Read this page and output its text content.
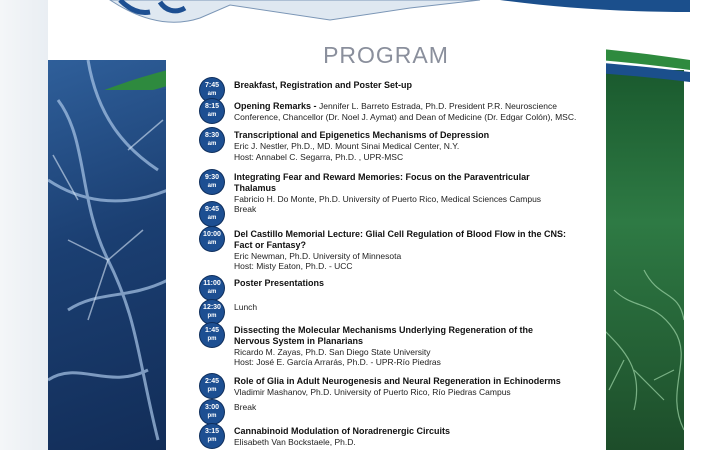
PROGRAM
7:45
am
Breakfast, Registration and Poster Set-up
8:15
am
Opening Remarks - Jennifer L. Barreto Estrada, Ph.D. President P.R. Neuroscience
Conference, Chancellor (Dr. Noel J. Aymat) and Dean of Medicine (Dr. Edgar Colón), MSC.
8:30
am
Transcriptional and Epigenetics Mechanisms of Depression
Eric J. Nestler, Ph.D., MD. Mount Sinai Medical Center, N.Y.
Host: Annabel C. Segarra, Ph.D. , UPR-MSC
9:30
am
Integrating Fear and Reward Memories: Focus on the Paraventricular
Thalamus
Fabricio H. Do Monte, Ph.D. University of Puerto Rico, Medical Sciences Campus
9:45
am
Break
10:00
am
Del Castillo Memorial Lecture: Glial Cell Regulation of Blood Flow in the CNS:
Fact or Fantasy?
Eric Newman, Ph.D. University of Minnesota
Host: Misty Eaton, Ph.D. - UCC
11:00
am
Poster Presentations
12:30
pm
Lunch
1:45
pm
Dissecting the Molecular Mechanisms Underlying Regeneration of the
Nervous System in Planarians
Ricardo M. Zayas, Ph.D. San Diego State University
Host: José E. García Arrarás, Ph.D. - UPR-Río Piedras
2:45
pm
Role of Glia in Adult Neurogenesis and Neural Regeneration in Echinoderms
Vladimir Mashanov, Ph.D. University of Puerto Rico, Río Piedras Campus
3:00
pm
Break
3:15
pm
Cannabinoid Modulation of Noradrenergic Circuits
Elisabeth Van Bockstaele, Ph.D.
